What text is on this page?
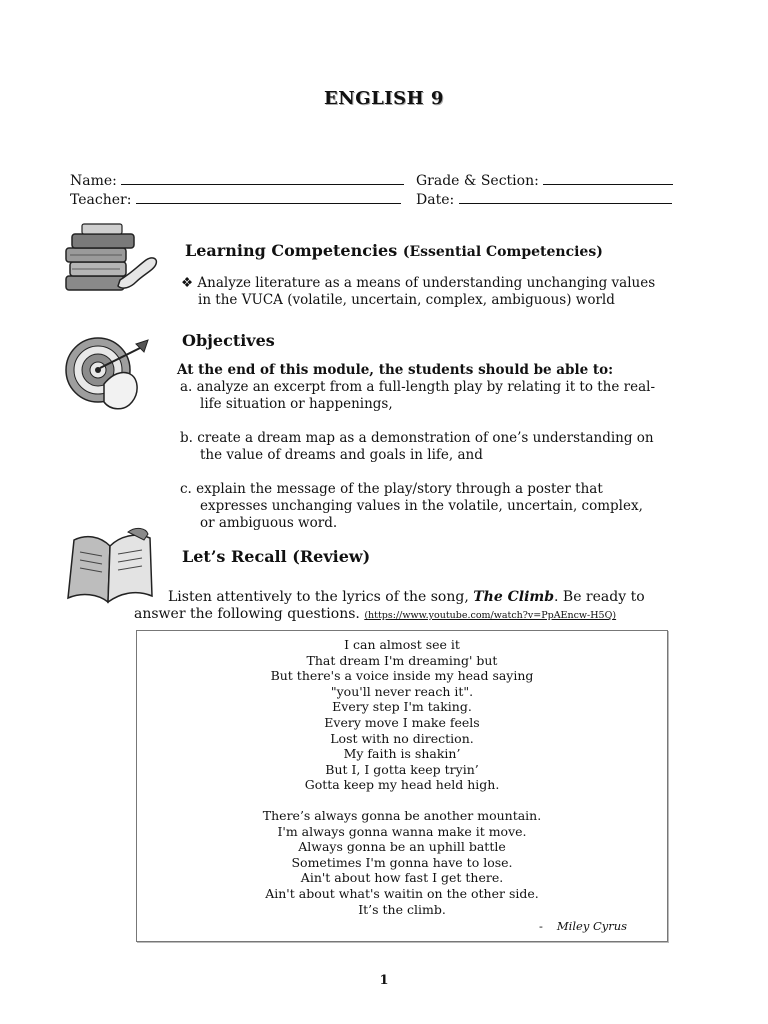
ENGLISH 9
Name:	Grade & Section:
Teacher:	Date:
Learning Competencies (Essential Competencies)
❖ Analyze literature as a means of understanding unchanging values
in the VUCA (volatile, uncertain, complex, ambiguous) world
Objectives
At the end of this module, the students should be able to:
a. analyze an excerpt from a full-length play by relating it to the real-
life situation or happenings,
b. create a dream map as a demonstration of one’s understanding on
the value of dreams and goals in life, and
c. explain the message of the play/story through a poster that
expresses unchanging values in the volatile, uncertain, complex,
or ambiguous word.
Let’s Recall (Review)
Listen attentively to the lyrics of the song, The Climb. Be ready to
answer the following questions. (https://www.youtube.com/watch?v=PpAEncw-H5Q)
I can almost see it
That dream I'm dreaming' but
But there's a voice inside my head saying
"you'll never reach it".
Every step I'm taking.
Every move I make feels
Lost with no direction.
My faith is shakin’
But I, I gotta keep tryin’
Gotta keep my head held high.
There’s always gonna be another mountain.
I'm always gonna wanna make it move.
Always gonna be an uphill battle
Sometimes I'm gonna have to lose.
Ain't about how fast I get there.
Ain't about what's waitin on the other side.
It’s the climb.
- Miley Cyrus
1
